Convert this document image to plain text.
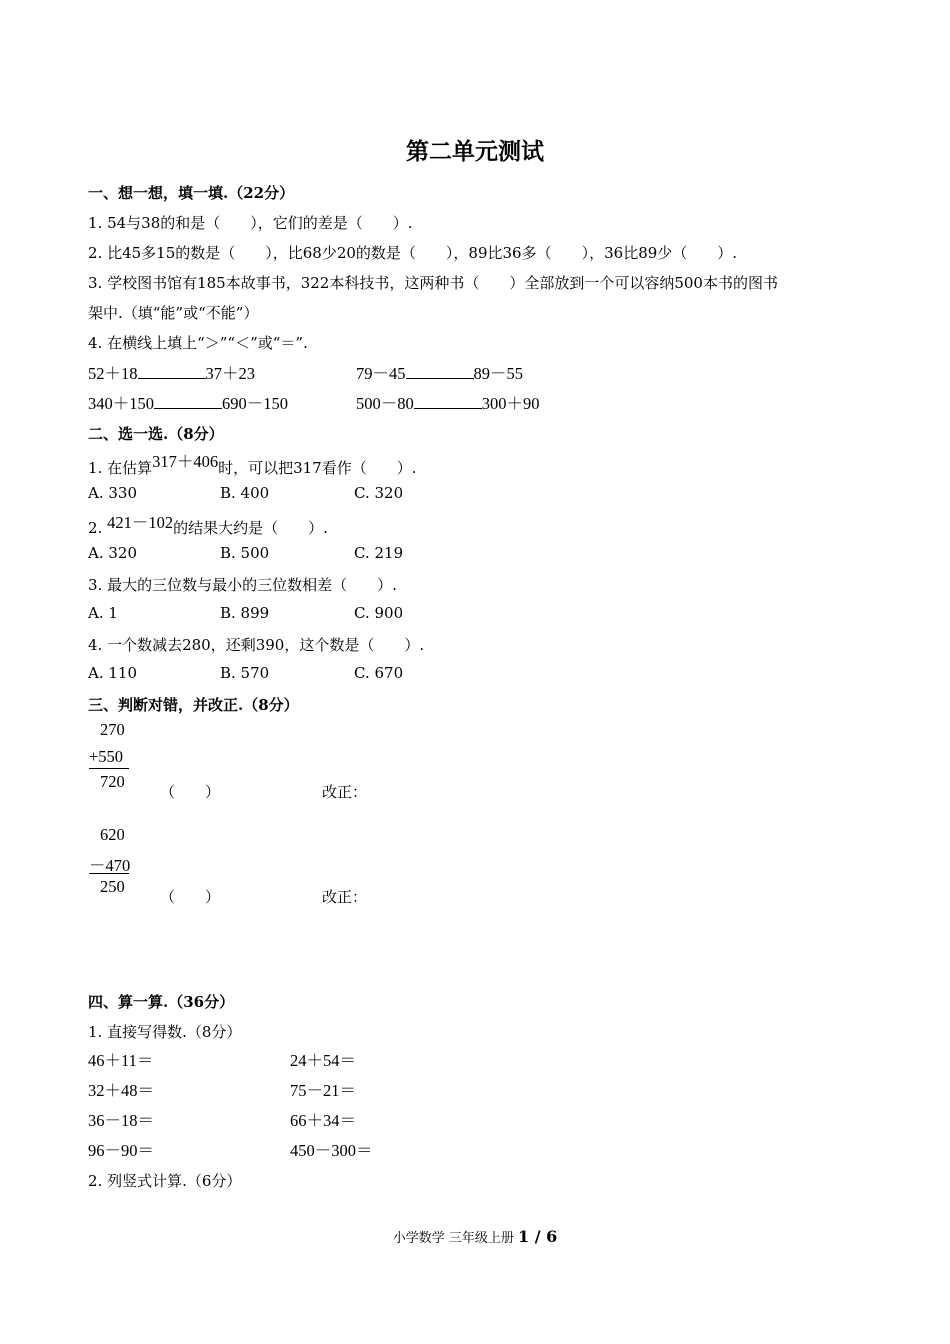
第二单元测试
一、想一想，填一填.（22分）
1. 54与38的和是（　　），它们的差是（　　）.
2. 比45多15的数是（　　），比68少20的数是（　　），89比36多（　　），36比89少（　　）.
3. 学校图书馆有185本故事书，322本科技书，这两种书（　　）全部放到一个可以容纳500本书的图书
架中.（填“能”或“不能”）
4. 在横线上填上“＞”“＜”或“＝”.
52＋18	37＋23	79－45	89－55
340＋150	690－150	500－80	300＋90
二、选一选.（8分）
1. 在估算317＋406时，可以把317看作（　　）.
A. 330	B. 400	C. 320
2. 421－102的结果大约是（　　）.
A. 320	B. 500	C. 219
3. 最大的三位数与最小的三位数相差（　　）.
A. 1	B. 899	C. 900
4. 一个数减去280，还剩390，这个数是（　　）.
A. 110	B. 570	C. 670
三、判断对错，并改正.（8分）
270
+550
720
（　　）	改正：
620
－470
250
（　　）	改正：
四、算一算.（36分）
1. 直接写得数.（8分）
46＋11＝	24＋54＝
32＋48＝	75－21＝
36－18＝	66＋34＝
96－90＝	450－300＝
2. 列竖式计算.（6分）
小学数学 三年级上册 1 / 6
